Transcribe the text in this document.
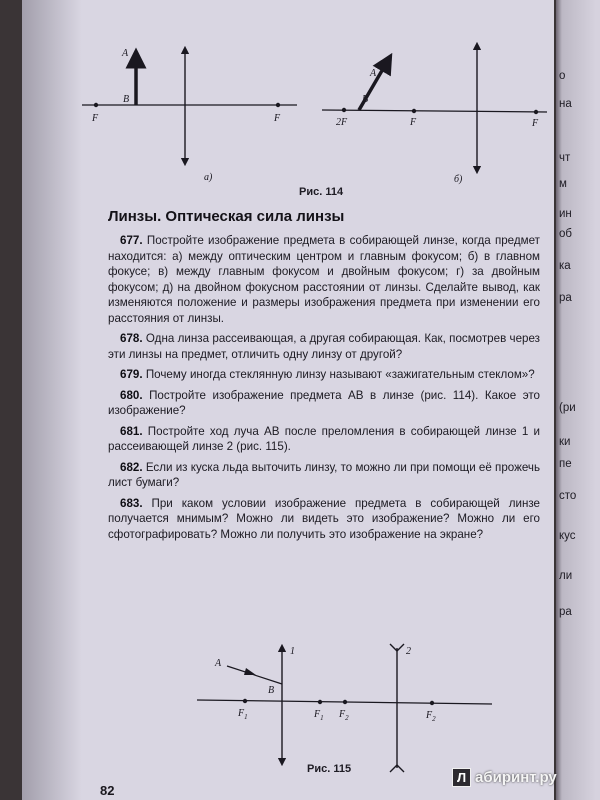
A
B
F	F
а)
A
B
2F	F	F
б)
Рис. 114
Линзы. Оптическая сила линзы

677. Постройте изображение предмета в собирающей линзе, когда предмет находится: а) между оптическим центром и главным фокусом; б) в главном фокусе; в) между главным фокусом и двойным фокусом; г) за двойным фокусом; д) на двойном фокусном расстоянии от линзы. Сделайте вывод, как изменяются положение и размеры изображения предмета при изменении его расстояния от линзы.

678. Одна линза рассеивающая, а другая собирающая. Как, посмотрев через эти линзы на предмет, отличить одну линзу от другой?

679. Почему иногда стеклянную линзу называют «зажигательным стеклом»?

680. Постройте изображение предмета AB в линзе (рис. 114). Какое это изображение?

681. Постройте ход луча AB после преломления в собирающей линзе 1 и рассеивающей линзе 2 (рис. 115).

682. Если из куска льда выточить линзу, то можно ли при помощи её прожечь лист бумаги?

683. При каком условии изображение предмета в собирающей линзе получается мнимым? Можно ли видеть это изображение? Можно ли его сфотографировать? Можно ли получить это изображение на экране?

A
B
1	2
$F_1$	$F_1$ $F_2$	$F_2$
Рис. 115
82
о
на
чт
м
ин
об
ка
ра
(ри
ки
пе
сто
кус
ли
ра
Л абиринт.ру
